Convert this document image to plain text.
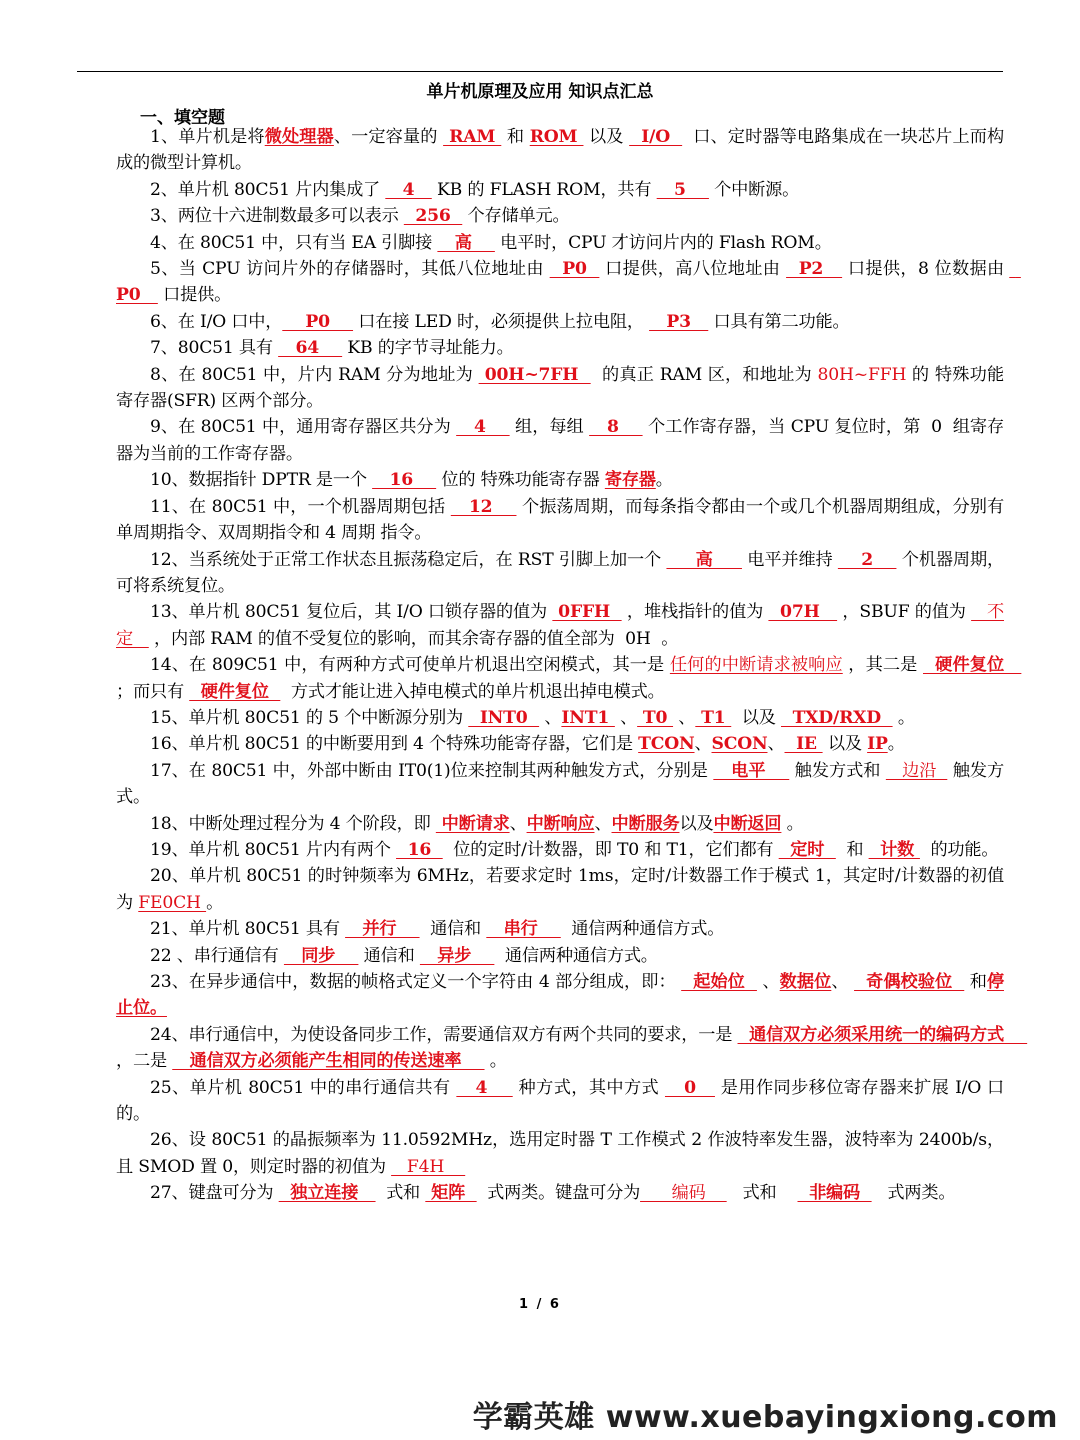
单片机原理及应用 知识点汇总
一、填空题

1、单片机是将微处理器、一定容量的  RAM  和 ROM  以及   I/O    口、定时器等电路集成在一块芯片上而构成的微型计算机。

2、单片机 80C51 片内集成了    4    KB 的 FLASH ROM，共有    5     个中断源。

3、两位十六进制数最多可以表示   256   个存储单元。

4、在 80C51 中，只有当 EA 引脚接    高     电平时，CPU 才访问片内的 Flash ROM。

5、当 CPU 访问片外的存储器时，其低八位地址由   P0   口提供，高八位地址由   P2    口提供，8 位数据由   P0    口提供。

6、在 I/O 口中，    P0     口在接 LED 时，必须提供上拉电阻，    P3    口具有第二功能。

7、80C51 具有    64     KB 的字节寻址能力。

8、在 80C51 中，片内 RAM 分为地址为  00H~7FH    的真正 RAM 区，和地址为 80H~FFH 的 特殊功能寄存器(SFR) 区两个部分。

9、在 80C51 中，通用寄存器区共分为    4     组，每组    8     个工作寄存器，当 CPU 复位时，第  0  组寄存器为当前的工作寄存器。

10、数据指针 DPTR 是一个    16     位的 特殊功能寄存器 寄存器。

11、在 80C51 中，一个机器周期包括    12     个振荡周期，而每条指令都由一个或几个机器周期组成，分别有单周期指令、双周期指令和 4 周期 指令。

12、当系统处于正常工作状态且振荡稳定后，在 RST 引脚上加一个      高      电平并维持     2     个机器周期，可将系统复位。

13、单片机 80C51 复位后，其 I/O 口锁存器的值为  0FFH   ，堆栈指针的值为   07H    ，SBUF 的值为    不定    ，内部 RAM 的值不受复位的影响，而其余寄存器的值全部为  0H  。

14、在 809C51 中，有两种方式可使单片机退出空闲模式，其一是 任何的中断请求被响应 ，其二是   硬件复位    ；而只有   硬件复位    方式才能让进入掉电模式的单片机退出掉电模式。

15、单片机 80C51 的 5 个中断源分别为   INT0   、INT1  、 T0  、 T1   以及   TXD/RXD   。

16、单片机 80C51 的中断要用到 4 个特殊功能寄存器，它们是 TCON、SCON、  IE  以及 IP。

17、在 80C51 中，外部中断由 IT0(1)位来控制其两种触发方式，分别是    电平     触发方式和    边沿   触发方式。

18、中断处理过程分为 4 个阶段，即  中断请求、中断响应、中断服务以及中断返回 。

19、单片机 80C51 片内有两个   16    位的定时/计数器，即 T0 和 T1，它们都有   定时    和   计数   的功能。

20、单片机 80C51 的时钟频率为 6MHz，若要求定时 1ms，定时/计数器工作于模式 1，其定时/计数器的初值为 FE0CH 。

21、单片机 80C51 具有    并行      通信和    串行      通信两种通信方式。

22 、串行通信有    同步     通信和    异步      通信两种通信方式。

23、在异步通信中，数据的帧格式定义一个字符由 4 部分组成，即：   起始位   、数据位、   奇偶校验位   和停止位。

24、串行通信中，为使设备同步工作，需要通信双方有两个共同的要求，一是   通信双方必须采用统一的编码方式      ，二是    通信双方必须能产生相同的传送速率     。

25、单片机 80C51 中的串行通信共有    4     种方式，其中方式    0    是用作同步移位寄存器来扩展 I/O 口的。

26、设 80C51 的晶振频率为 11.0592MHz，选用定时器 T 工作模式 2 作波特率发生器，波特率为 2400b/s，且 SMOD 置 0，则定时器的初值为    F4H

27、键盘可分为   独立连接     式和  矩阵    式两类。键盘可分为      编码       式和      非编码     式两类。

1 / 6
学霸英雄 www.xuebayingxiong.com
